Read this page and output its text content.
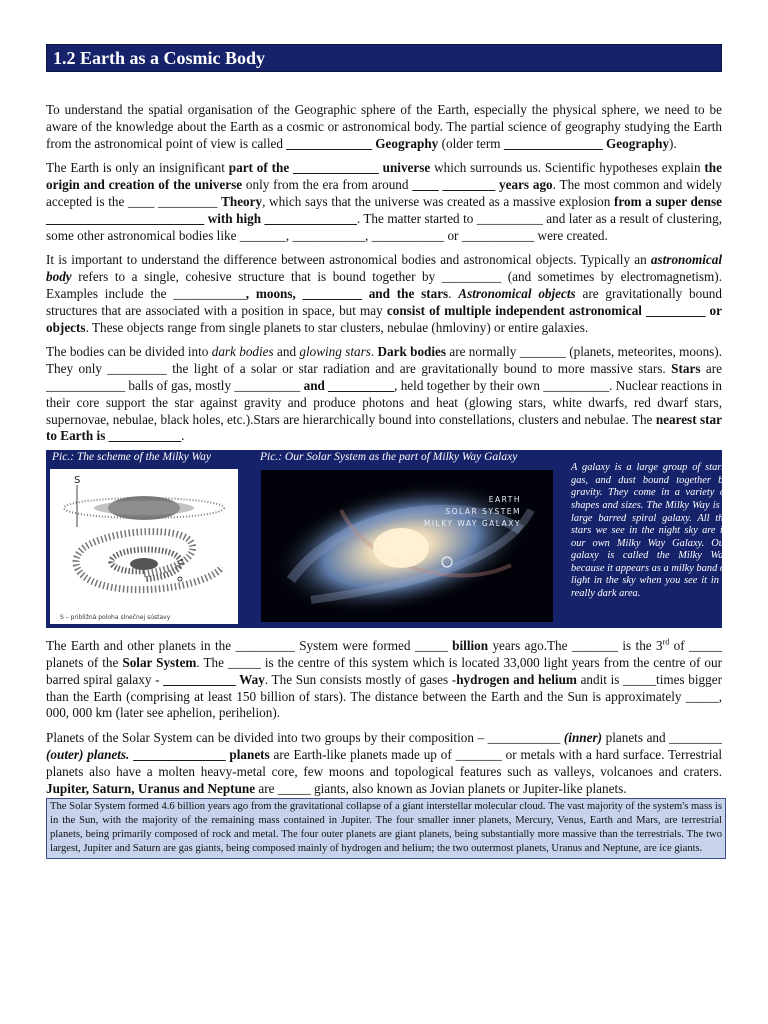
1.2 Earth as a Cosmic Body

To understand the spatial organisation of the Geographic sphere of the Earth, especially the physical sphere, we need to be aware of the knowledge about the Earth as a cosmic or astronomical body. The partial science of geography studying the Earth from the astronomical point of view is called _____________ Geography (older term _______________ Geography).

The Earth is only an insignificant part of the _____________ universe which surrounds us. Scientific hypotheses explain the origin and creation of the universe only from the era from around ____ ________ years ago. The most common and widely accepted is the ____ _________ Theory, which says that the universe was created as a massive explosion from a super dense ________________________ with high ______________. The matter started to __________ and later as a result of clustering, some other astronomical bodies like _______, ___________, ___________ or ___________ were created.

It is important to understand the difference between astronomical bodies and astronomical objects. Typically an astronomical body refers to a single, cohesive structure that is bound together by _________ (and sometimes by electromagnetism). Examples include the ___________, moons, _________ and the stars. Astronomical objects are gravitationally bound structures that are associated with a position in space, but may consist of multiple independent astronomical _________ or objects. These objects range from single planets to star clusters, nebulae (hmloviny) or entire galaxies.

The bodies can be divided into dark bodies and glowing stars. Dark bodies are normally _______ (planets, meteorites, moons). They only _________ the light of a solar or star radiation and are gravitationally bound to more massive stars. Stars are ____________ balls of gas, mostly __________ and __________, held together by their own __________. Nuclear reactions in their core support the star against gravity and produce photons and heat (glowing stars, white dwarfs, red dwarf stars, supernovae, nebulae, black holes, etc.).Stars are hierarchically bound into constellations, clusters and nebulae. The nearest star to Earth is ___________.

Pic.: The scheme of the Milky Way	Pic.: Our Solar System as the part of Milky Way Galaxy
S
S – približná poloha slnečnej sústavy
EARTH
SOLAR SYSTEM
MILKY WAY GALAXY
A galaxy is a large group of stars, gas, and dust bound together by gravity. They come in a variety of shapes and sizes. The Milky Way is a large barred spiral galaxy. All the stars we see in the night sky are in our own Milky Way Galaxy. Our galaxy is called the Milky Way because it appears as a milky band of light in the sky when you see it in a really dark area.

The Earth and other planets in the _________ System were formed _____ billion years ago.The _______ is the 3rd of _____ planets of the Solar System. The _____ is the centre of this system which is located 33,000 light years from the centre of our barred spiral galaxy - ___________ Way. The Sun consists mostly of gases -hydrogen and helium andit is _____times bigger than the Earth (comprising at least 150 billion of stars). The distance between the Earth and the Sun is approximately _____, 000, 000 km (later see aphelion, perihelion).

Planets of the Solar System can be divided into two groups by their composition – ___________ (inner) planets and ________ (outer) planets. ______________ planets are Earth-like planets made up of _______ or metals with a hard surface. Terrestrial planets also have a molten heavy-metal core, few moons and topological features such as valleys, volcanoes and craters. Jupiter, Saturn, Uranus and Neptune are _____ giants, also known as Jovian planets or Jupiter-like planets.

The Solar System formed 4.6 billion years ago from the gravitational collapse of a giant interstellar molecular cloud. The vast majority of the system's mass is in the Sun, with the majority of the remaining mass contained in Jupiter. The four smaller inner planets, Mercury, Venus, Earth and Mars, are terrestrial planets, being primarily composed of rock and metal. The four outer planets are giant planets, being substantially more massive than the terrestrials. The two largest, Jupiter and Saturn are gas giants, being composed mainly of hydrogen and helium; the two outermost planets, Uranus and Neptune, are ice giants.
